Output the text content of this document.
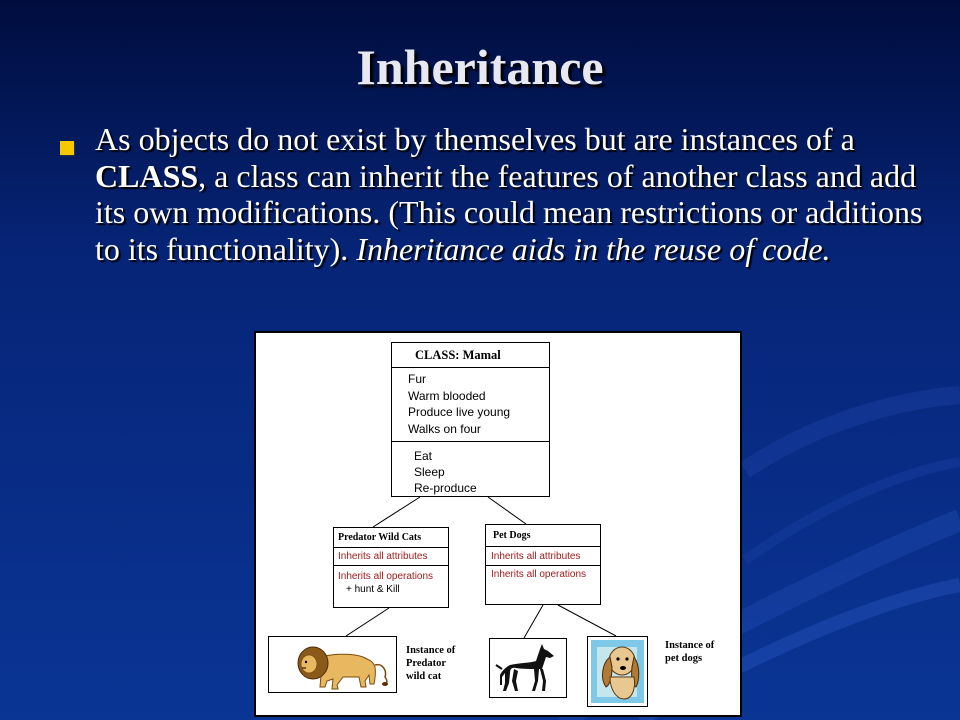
Inheritance
As objects do not exist by themselves but are instances of a CLASS, a class can inherit the features of another class and add its own modifications. (This could mean restrictions or additions to its functionality). Inheritance aids in the reuse of code.
CLASS: Mamal
Fur
Warm blooded
Produce live young
Walks on four
Eat
Sleep
Re-produce
Predator Wild Cats
Inherits all attributes
Inherits all operations
+ hunt & Kill
Pet Dogs
Inherits all attributes
Inherits all operations
Instance of
Predator
wild cat
Instance of
pet dogs
